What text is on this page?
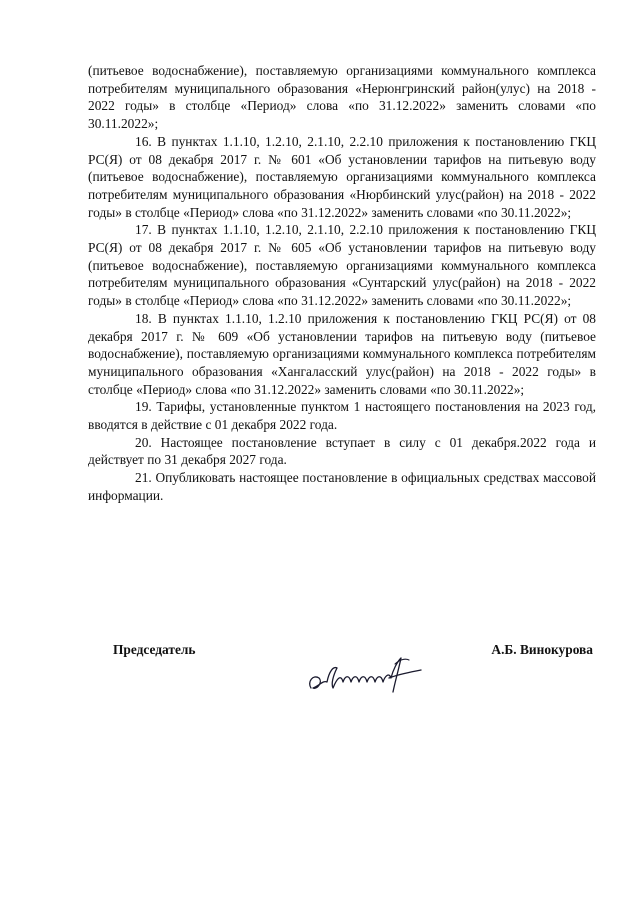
(питьевое водоснабжение), поставляемую организациями коммунального комплекса потребителям муниципального образования «Нерюнгринский район(улус) на 2018 - 2022 годы» в столбце «Период» слова «по 31.12.2022» заменить словами «по 30.11.2022»;

16. В пунктах 1.1.10, 1.2.10, 2.1.10, 2.2.10 приложения к постановлению ГКЦ РС(Я) от 08 декабря 2017 г. № 601 «Об установлении тарифов на питьевую воду (питьевое водоснабжение), поставляемую организациями коммунального комплекса потребителям муниципального образования «Нюрбинский улус(район) на 2018 - 2022 годы» в столбце «Период» слова «по 31.12.2022» заменить словами «по 30.11.2022»;

17. В пунктах 1.1.10, 1.2.10, 2.1.10, 2.2.10 приложения к постановлению ГКЦ РС(Я) от 08 декабря 2017 г. № 605 «Об установлении тарифов на питьевую воду (питьевое водоснабжение), поставляемую организациями коммунального комплекса потребителям муниципального образования «Сунтарский улус(район) на 2018 - 2022 годы» в столбце «Период» слова «по 31.12.2022» заменить словами «по 30.11.2022»;

18. В пунктах 1.1.10, 1.2.10 приложения к постановлению ГКЦ РС(Я) от 08 декабря 2017 г. № 609 «Об установлении тарифов на питьевую воду (питьевое водоснабжение), поставляемую организациями коммунального комплекса потребителям муниципального образования «Хангаласский улус(район) на 2018 - 2022 годы» в столбце «Период» слова «по 31.12.2022» заменить словами «по 30.11.2022»;

19. Тарифы, установленные пунктом 1 настоящего постановления на 2023 год, вводятся в действие с 01 декабря 2022 года.

20. Настоящее постановление вступает в силу с 01 декабря.2022 года и действует по 31 декабря 2027 года.

21. Опубликовать настоящее постановление в официальных средствах массовой информации.

Председатель	А.Б. Винокурова
